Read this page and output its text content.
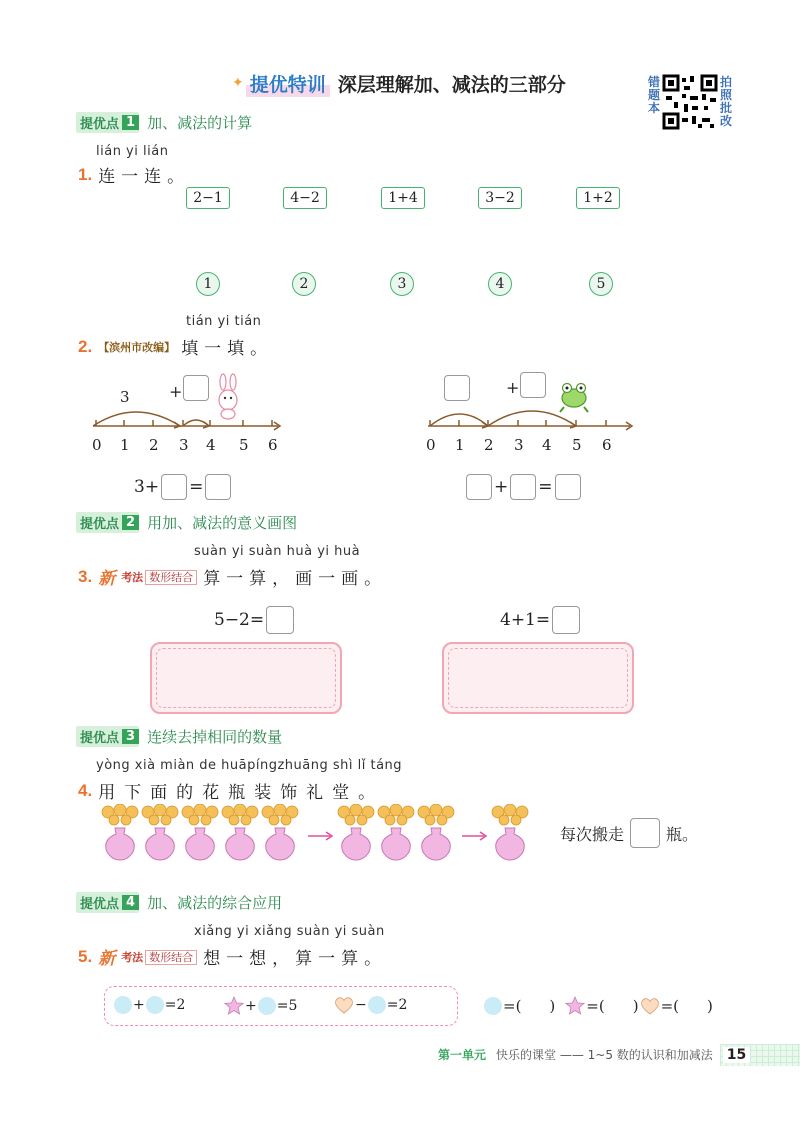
✦ 提优特训 深层理解加、减法的三部分	错
题
本
拍
照
批
改
提优点 1 加、减法的计算
lián yi lián
1. 连一连。
2−1	4−2	1+4	3−2	1+2
1	2	3	4	5
tián yi tián
2. 【滨州市改编】 填一填。
3 +
0 1 2 3 4 5 6
3+ =
+
0 1 2 3 4 5 6
+ =
提优点 2 用加、减法的意义画图
suàn yi suàn huà yi huà
3. 新 考法 数形结合 算一算，画一画。
5−2=	4+1=
提优点 3 连续去掉相同的数量
yòng xià miàn de huāpíngzhuāng shì lǐ táng
4. 用下面的花瓶装饰礼堂。
每次搬走	瓶。
提优点 4 加、减法的综合应用
xiǎng yi xiǎng suàn yi suàn
5. 新 考法 数形结合 想一想，算一算。
+ =2	+ =5	− =2	=( ) =( ) =( )
第一单元 快乐的课堂 —— 1~5 数的认识和加减法 15
